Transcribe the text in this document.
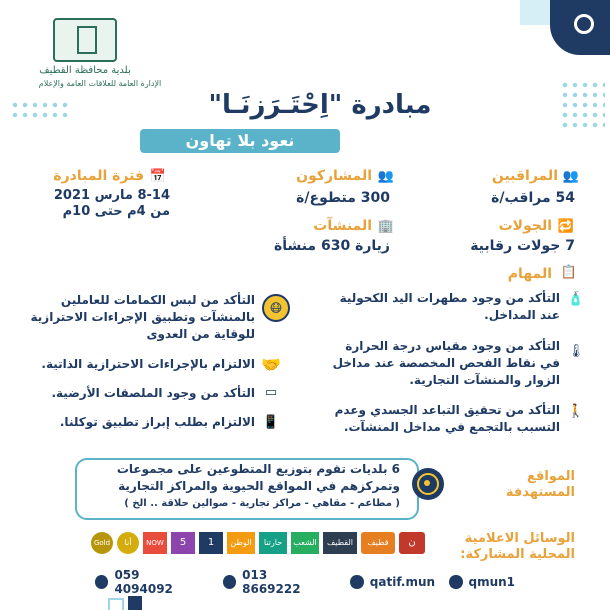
بلدية محافظة القطيف
الإدارة العامة للعلاقات العامة والإعلام
مبادرة "اِحْتَـرَزنَـا"
نعود بلا تهاون
👥
المراقبين
54 مراقب/ة
👥
المشاركون
300 متطوع/ة
📅
فترة المبادرة
8-14 مارس 2021
من 4م حتى 10م
🔁
الجولات
7 جولات رقابية
🏢
المنشآت
زيارة 630 منشأة
📋
المهام
🧴
التأكد من وجود مطهرات اليد الكحولية عند المداخل.
🌡
التأكد من وجود مقياس درجة الحرارة في نقاط الفحص المخصصة عند مداخل الزوار والمنشآت التجارية.
🚶
التأكد من تحقيق التباعد الجسدي وعدم التسبب بالتجمع في مداخل المنشآت.
😷
التأكد من لبس الكمامات للعاملين بالمنشآت وتطبيق الإجراءات الاحترازية للوقاية من العدوى
🤝
الالتزام بالإجراءات الاحترازية الذاتية.
▭
التأكد من وجود الملصقات الأرضية.
📱
الالتزام بطلب إبراز تطبيق توكلنا.
المواقع
المستهدفة
6 بلديات تقوم بتوزيع المتطوعين على مجموعات
وتمركزهم في المواقع الحيوية والمراكز التجارية
( مطاعم - مقاهي - مراكز تجارية - صوالين حلاقة .. الخ )
الوسائل الاعلامية
المحلية المشاركة:
ن
قطيف
القطيف
الشعب
حارتنا
الوطن
1
5
NOW
أنا
Gold
059 4094092
013 8669222	qatif.mun	qmun1
